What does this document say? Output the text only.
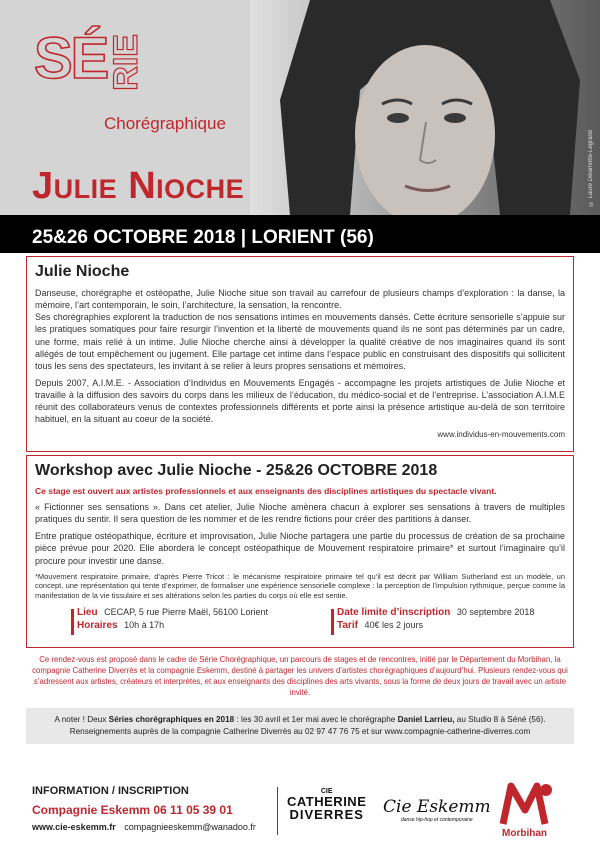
© Laure Delamotte-Legrand
SÉ RIE
Chorégraphique
Julie Nioche
25&26 OCTOBRE 2018 | LORIENT (56)
Julie Nioche

Danseuse, chorégraphe et ostéopathe, Julie Nioche situe son travail au carrefour de plusieurs champs d’exploration : la danse, la mémoire, l’art contemporain, le soin, l’architecture, la sensation, la rencontre.

Ses chorégraphies explorent la traduction de nos sensations intimes en mouvements dansés. Cette écriture sensorielle s’appuie sur les pratiques somatiques pour faire resurgir l’invention et la liberté de mouvements quand ils ne sont pas déterminés par un cadre, une forme, mais relié à un intime. Julie Nioche cherche ainsi à développer la qualité créative de nos imaginaires quand ils sont allégés de tout empêchement ou jugement. Elle partage cet intime dans l’espace public en construisant des dispositifs qui sollicitent tous les sens des spectateurs, les invitant à se relier à leurs propres sensations et mémoires.

Depuis 2007, A.I.M.E. - Association d’Individus en Mouvements Engagés - accompagne les projets artistiques de Julie Nioche et travaille à la diffusion des savoirs du corps dans les milieux de l’éducation, du médico-social et de l’entreprise. L’association A.I.M.E réunit des collaborateurs venus de contextes professionnels différents et porte ainsi la présence artistique au-delà de son territoire habituel, en la situant au coeur de la société.

www.individus-en-mouvements.com
Workshop avec Julie Nioche - 25&26 OCTOBRE 2018
Ce stage est ouvert aux artistes professionnels et aux enseignants des disciplines artistiques du spectacle vivant.

« Fictionner ses sensations ». Dans cet atelier, Julie Nioche amènera chacun à explorer ses sensations à travers de multiples pratiques du sentir. Il sera question de les nommer et de les rendre fictions pour créer des partitions à danser.

Entre pratique ostéopathique, écriture et improvisation, Julie Nioche partagera une partie du processus de création de sa prochaine pièce prévue pour 2020. Elle abordera le concept ostéopathique de Mouvement respiratoire primaire* et surtout l’imaginaire qu’il procure pour investir une danse.

*Mouvement respiratoire primaire, d’après Pierre Tricot : le mécanisme respiratoire primaire tel qu’il est décrit par William Sutherland est un modèle, un concept, une représentation qui tente d’exprimer, de formaliser une expérience sensorielle complexe : la perception de l’impulsion rythmique, perçue comme la manifestation de la vie tissulaire et ses altérations selon les parties du corps où elle est sentie.

Lieu CECAP, 5 rue Pierre Maël, 56100 Lorient
Horaires 10h à 17h
Date limite d’inscription 30 septembre 2018
Tarif 40€ les 2 jours
Ce rendez-vous est proposé dans le cadre de Série Chorégraphique, un parcours de stages et de rencontres, initié par le Département du Morbihan, la compagnie Catherine Diverrès et la compagnie Eskemm, destiné à partager les univers d’artistes chorégraphiques d’aujourd’hui. Plusieurs rendez-vous qui s’adressent aux artistes, créateurs et interprètes, et aux enseignants des disciplines des arts vivants, sous la forme de deux jours de travail avec un artiste invité.
A noter ! Deux Séries chorégraphiques en 2018 : les 30 avril et 1er mai avec le chorégraphe Daniel Larrieu, au Studio 8 à Séné (56).
Renseignements auprès de la compagnie Catherine Diverrès au 02 97 47 76 75 et sur www.compagnie-catherine-diverres.com
INFORMATION / INSCRIPTION
Compagnie Eskemm 06 11 05 39 01
www.cie-eskemm.fr compagnieeskemm@wanadoo.fr
CIE
CATHERINE
DIVERRES Cie Eskemm
danse hip-hop et contemporaine
Morbihan
